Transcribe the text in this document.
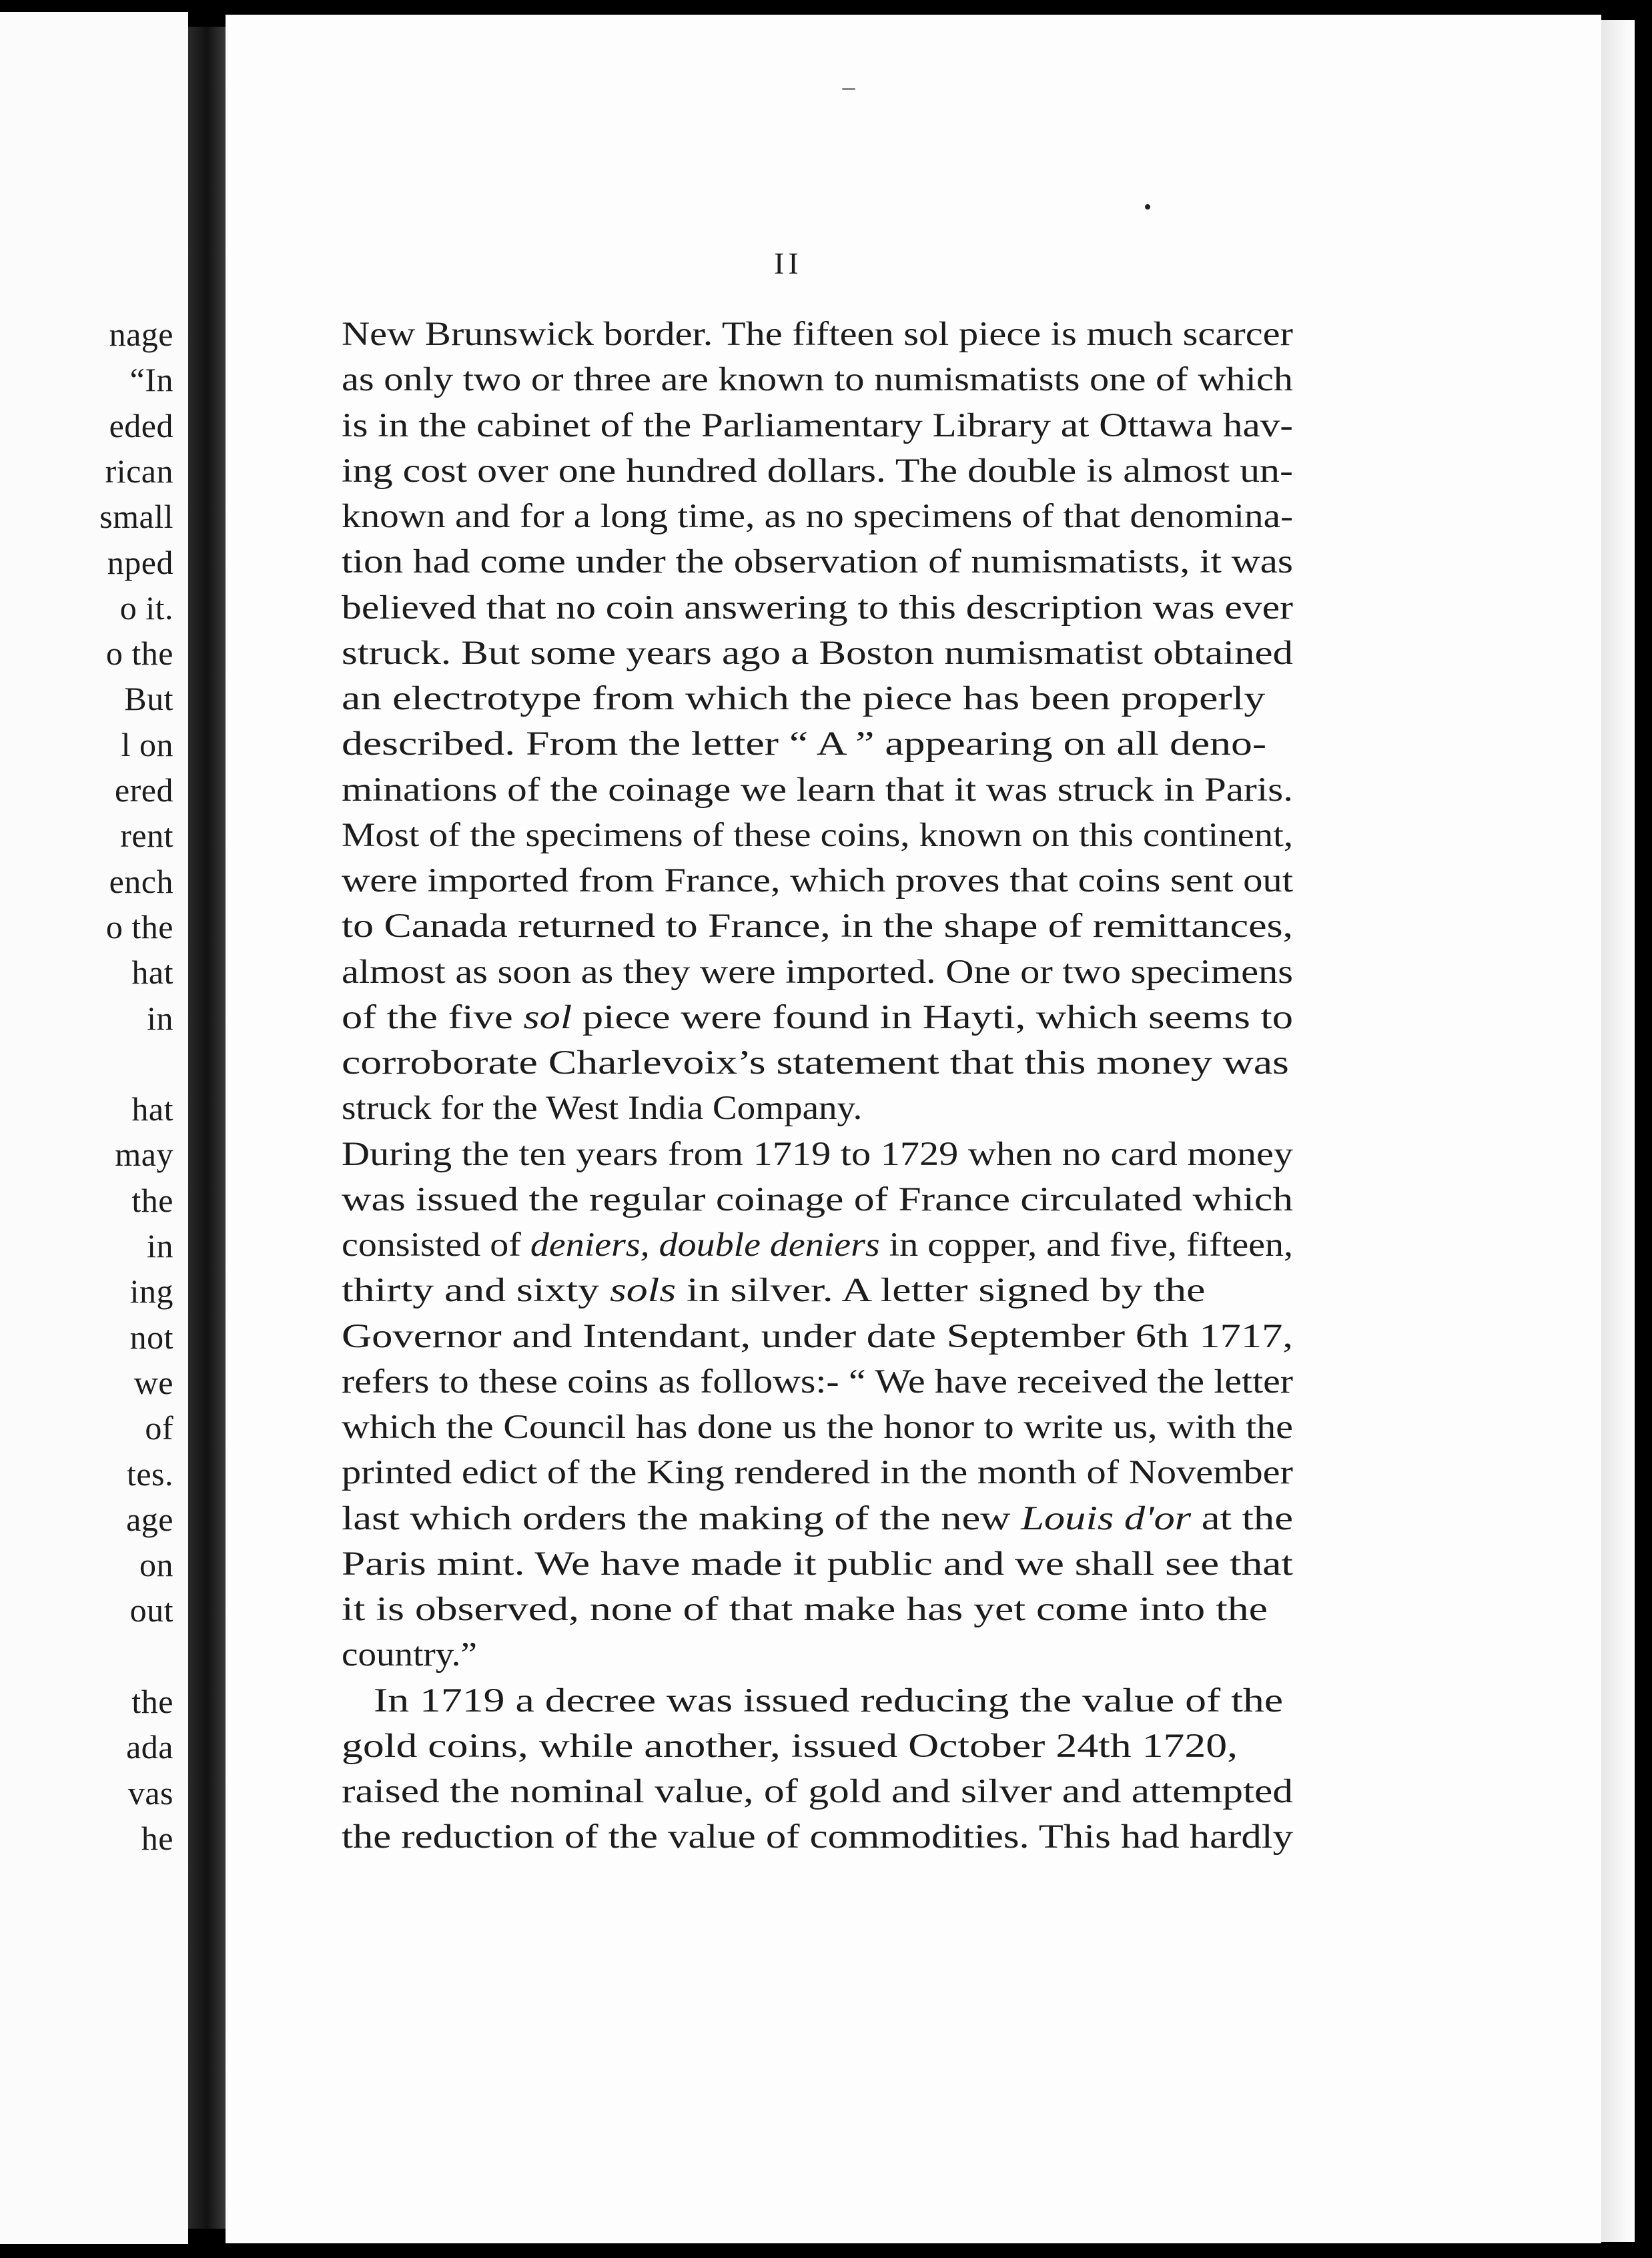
nage
“In
eded
rican
small
nped
o it.
o the
But
l on
ered
rent
ench
o the
hat
in
hat
may
the
in
ing
not
we
of
tes.
age
on
out
the
ada
vas
he
II
New Brunswick border. The fifteen sol piece is much scarcer
as only two or three are known to numismatists one of which
is in the cabinet of the Parliamentary Library at Ottawa hav-
ing cost over one hundred dollars. The double is almost un-
known and for a long time, as no specimens of that denomina-
tion had come under the observation of numismatists, it was
believed that no coin answering to this description was ever
struck. But some years ago a Boston numismatist obtained
an electrotype from which the piece has been properly
described. From the letter “ A ” appearing on all deno-
minations of the coinage we learn that it was struck in Paris.
Most of the specimens of these coins, known on this continent,
were imported from France, which proves that coins sent out
to Canada returned to France, in the shape of remittances,
almost as soon as they were imported. One or two specimens
of the five sol piece were found in Hayti, which seems to
corroborate Charlevoix’s statement that this money was
struck for the West India Company.
During the ten years from 1719 to 1729 when no card money
was issued the regular coinage of France circulated which
consisted of deniers, double deniers in copper, and five, fifteen,
thirty and sixty sols in silver. A letter signed by the
Governor and Intendant, under date September 6th 1717,
refers to these coins as follows:- “ We have received the letter
which the Council has done us the honor to write us, with the
printed edict of the King rendered in the month of November
last which orders the making of the new Louis d'or at the
Paris mint. We have made it public and we shall see that
it is observed, none of that make has yet come into the
country.”
In 1719 a decree was issued reducing the value of the
gold coins, while another, issued October 24th 1720,
raised the nominal value, of gold and silver and attempted
the reduction of the value of commodities. This had hardly
